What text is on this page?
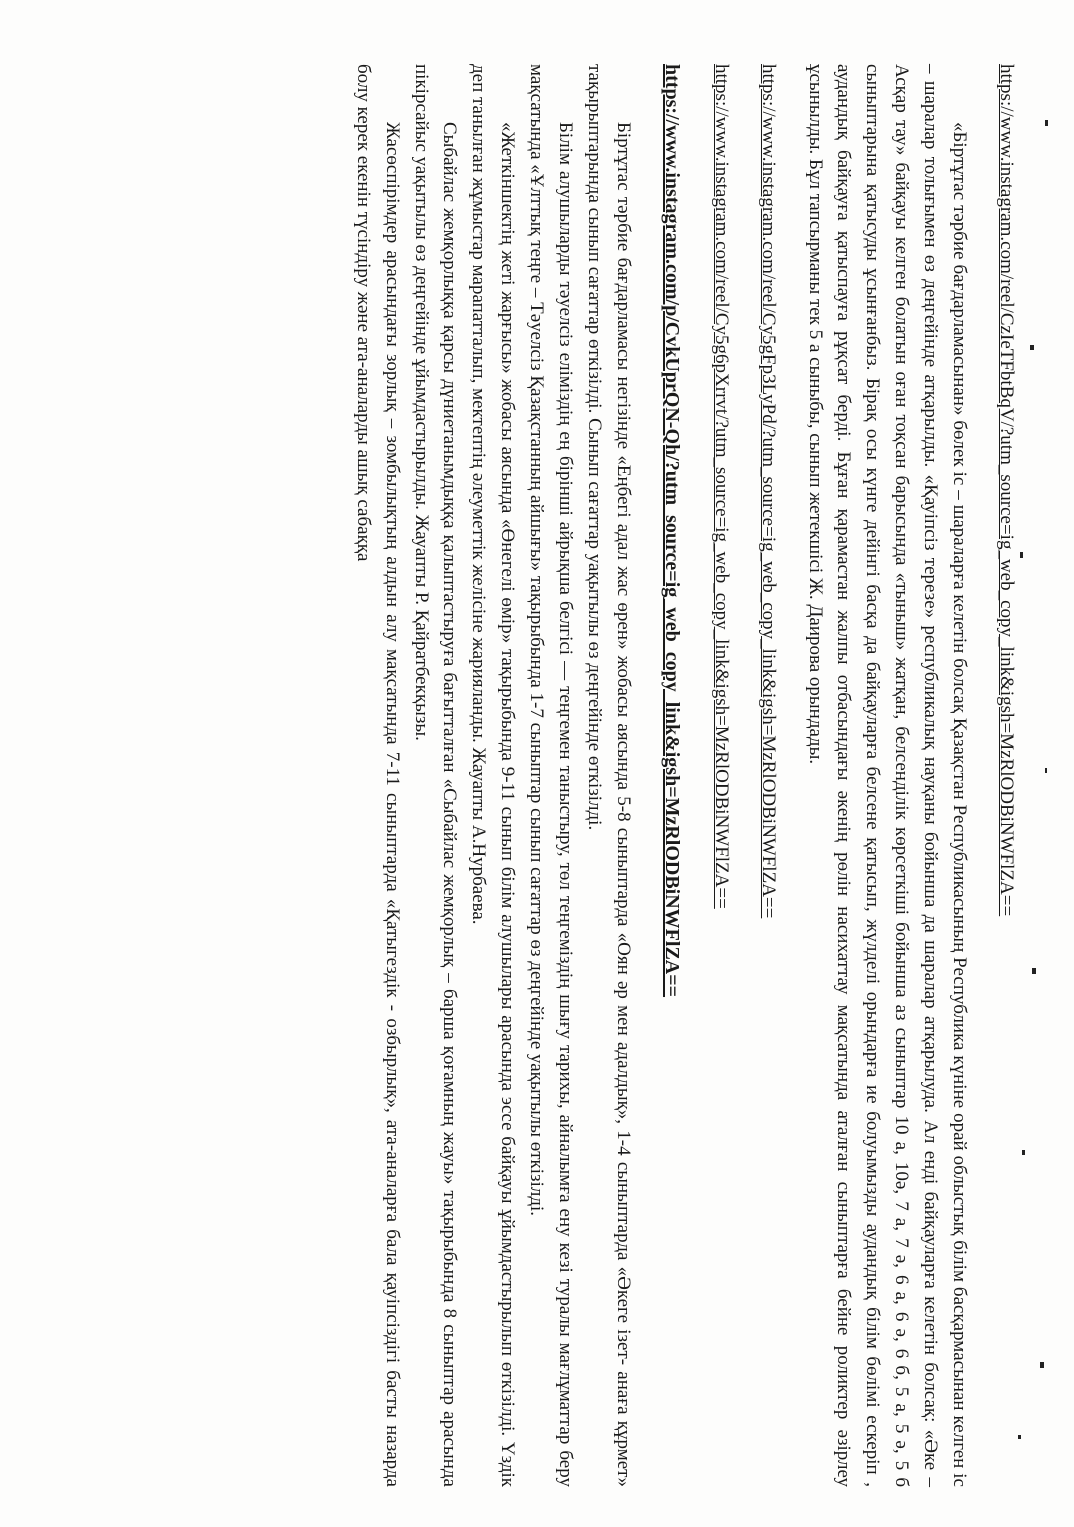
https://www.instagram.com/reel/CzIeTFbtBqV/?utm_source=ig_web_copy_link&igsh=MzRlODBiNWFlZA==

«Біртұтас тәрбие бағдарламасынан» бөлек іс – шараларға келетін болсақ Қазақстан Республикасының Республика күніне орай облыстық білім басқармасынан келген іс – шаралар толығымен өз деңгейінде атқарылды. «Қауіпсіз терезе» республикалық науқаны бойынша да шаралар атқарылуда. Ал енді байқауларға келетін болсақ: «Әке – Асқар тау» байқауы келген болатын оған тоқсан барысында «тыныш» жатқан, белсенділік көрсеткіші бойынша аз сыныптар 10 а, 10ә, 7 а, 7 ә, 6 а, 6 ә, 6 б, 5 а, 5 ә, 5 б сыныптарына қатысуды ұсынғанбыз. Бірақ осы күнге дейінгі басқа да байқауларға белсене қатысып, жүлделі орындарға ие болуымызды аудандық білім бөлімі ескеріп , аудандық байқауға қатыспауға рұқсат берді. Бұған қарамастан жалпы отбасындағы әкенің рөлін насихаттау мақсатында аталған сыныптарға бейне роликтер әзірлеу ұсынылды. Бұл тапсырманы тек 5 а сыныбы, сынып жетекшісі Ж. Даирова орындады.

https://www.instagram.com/reel/Cy5gFp3LyPd/?utm_source=ig_web_copy_link&igsh=MzRlODBiNWFlZA==

https://www.instagram.com/reel/Cy5g6pXrrvt/?utm_source=ig_web_copy_link&igsh=MzRlODBiNWFlZA==

https://www.instagram.com/p/CvkUprQN-Qh/?utm_source=ig_web_copy_link&igsh=MzRlODBiNWFlZA==

Біртұтас тәрбие бағдарламасы негізінде «Еңбегі адал жас өрен» жобасы аясында 5-8 сыныптарда «Оян әр мен адалдық», 1-4 сыныптарда «Әкеге ізет- анаға құрмет» тақырыптарында сынып сағаттар өткізілді. Сынып сағаттар уақытылы өз деңгейінде өткізілді.

Білім алушыларды тәуелсіз еліміздің ең бірінші айрықша белгісі — теңгемен таныстыру, төл теңгеміздің шығу тарихы, айналымға ену кезі туралы мағлұматтар беру мақсатында «Ұлттық теңге – Тәуелсіз Қазақстанның айшығы» тақырыбында 1-7 сыныптар сынып сағаттар өз деңгейінде уақытылы өткізілді.

«Жеткіншектің жеті жарғысы» жобасы аясында «Өнегелі өмір» тақырыбында 9-11 сынып білім алушылары арасында эссе байқауы ұйымдастырылып өткізілді. Үздік деп танылған жұмыстар марапатталып, мектептің әлеуметтік желісіне жарияланды. Жауапты А.Нурбаева.

Сыбайлас жемқорлыққа қарсы дүниетанымдыққа қалыптастыруға бағытталған «Сыбайлас жемқорлық – барша қоғамның жауы» тақырыбында 8 сыныптар арасында пікірсайыс уақытылы өз деңгейінде ұйымдастырылды. Жауапты Р. Қайратбекқызы.

Жасөспірімдер арасындағы зорлық – зомбылықтың алдын алу мақсатында 7-11 сыныптарда «Қатыгездік - озбырлық», ата-аналарға бала қауіпсіздігі басты назарда болу керек екенін түсіндіру және ата-аналарды ашық сабаққа
